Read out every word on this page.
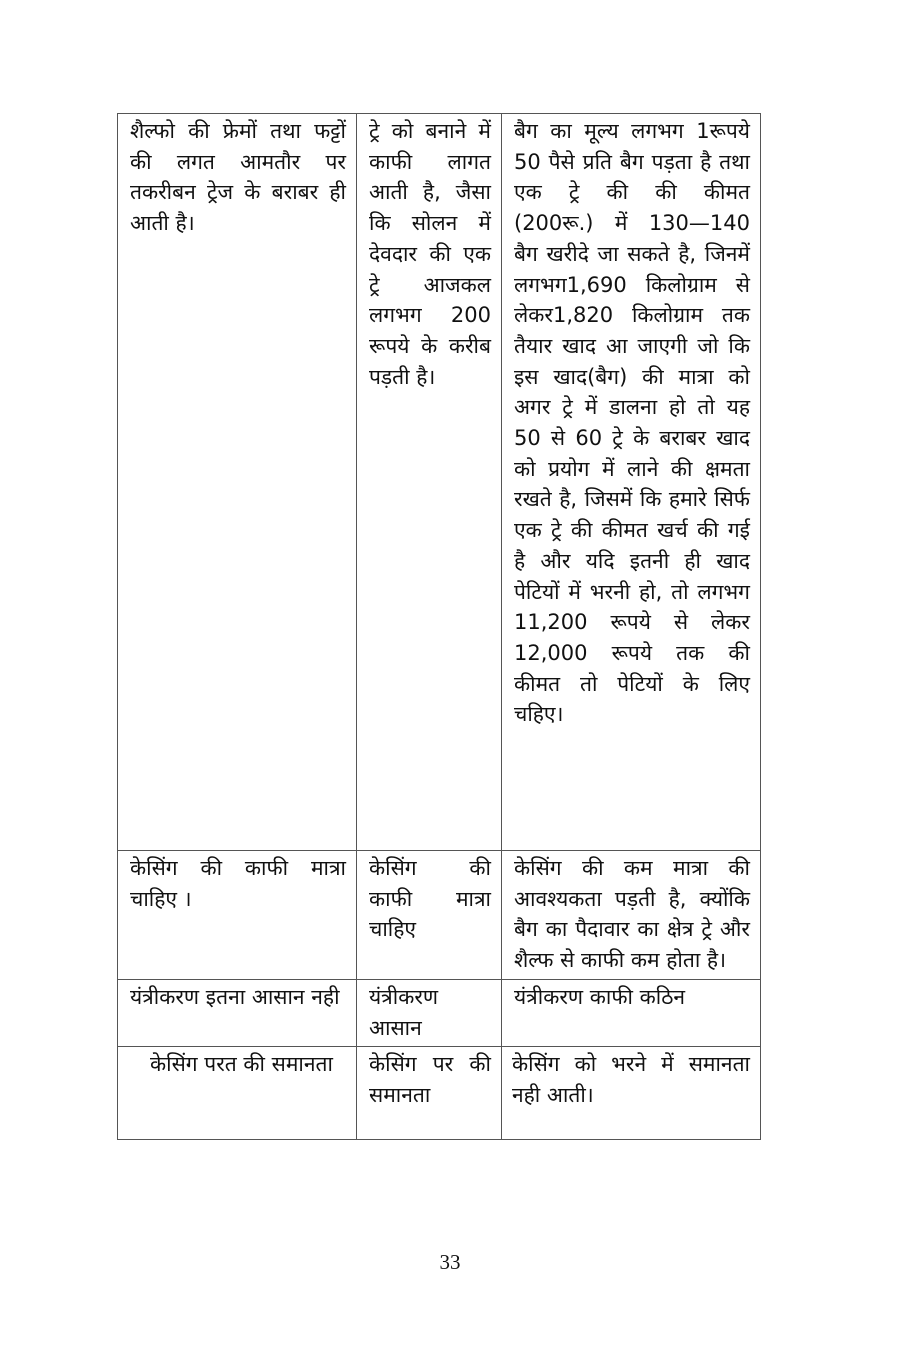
शैल्फो की फ्रेमों तथा फट्टों की लगत आमतौर पर तकरीबन ट्रेज के बराबर ही आती है।	ट्रे को बनाने में काफी लागत आती है, जैसा कि सोलन में देवदार की एक ट्रे आजकल लगभग 200 रूपये के करीब पड़ती है।	बैग का मूल्य लगभग 1रूपये 50 पैसे प्रति बैग पड़ता है तथा एक ट्रे की की कीमत (200रू.) में 130—140 बैग खरीदे जा सकते है, जिनमें लगभग1,690 किलोग्राम से लेकर1,820 किलोग्राम तक तैयार खाद आ जाएगी जो कि इस खाद(बैग) की मात्रा को अगर ट्रे में डालना हो तो यह 50 से 60 ट्रे के बराबर खाद को प्रयोग में लाने की क्षमता रखते है, जिसमें कि हमारे सिर्फ एक ट्रे की कीमत खर्च की गई है और यदि इतनी ही खाद पेटियों में भरनी हो, तो लगभग 11,200 रूपये से लेकर 12,000 रूपये तक की कीमत तो पेटियों के लिए चहिए।
केसिंग की काफी मात्रा चाहिए ।	केसिंग की काफी मात्रा चाहिए	केसिंग की कम मात्रा की आवश्यकता पड़ती है, क्योंकि बैग का पैदावार का क्षेत्र ट्रे और शैल्फ से काफी कम होता है।
यंत्रीकरण इतना आसान नही	यंत्रीकरण आसान	यंत्रीकरण काफी कठिन
केसिंग परत की समानता	केसिंग पर की समानता	केसिंग को भरने में समानता नही आती।
33
